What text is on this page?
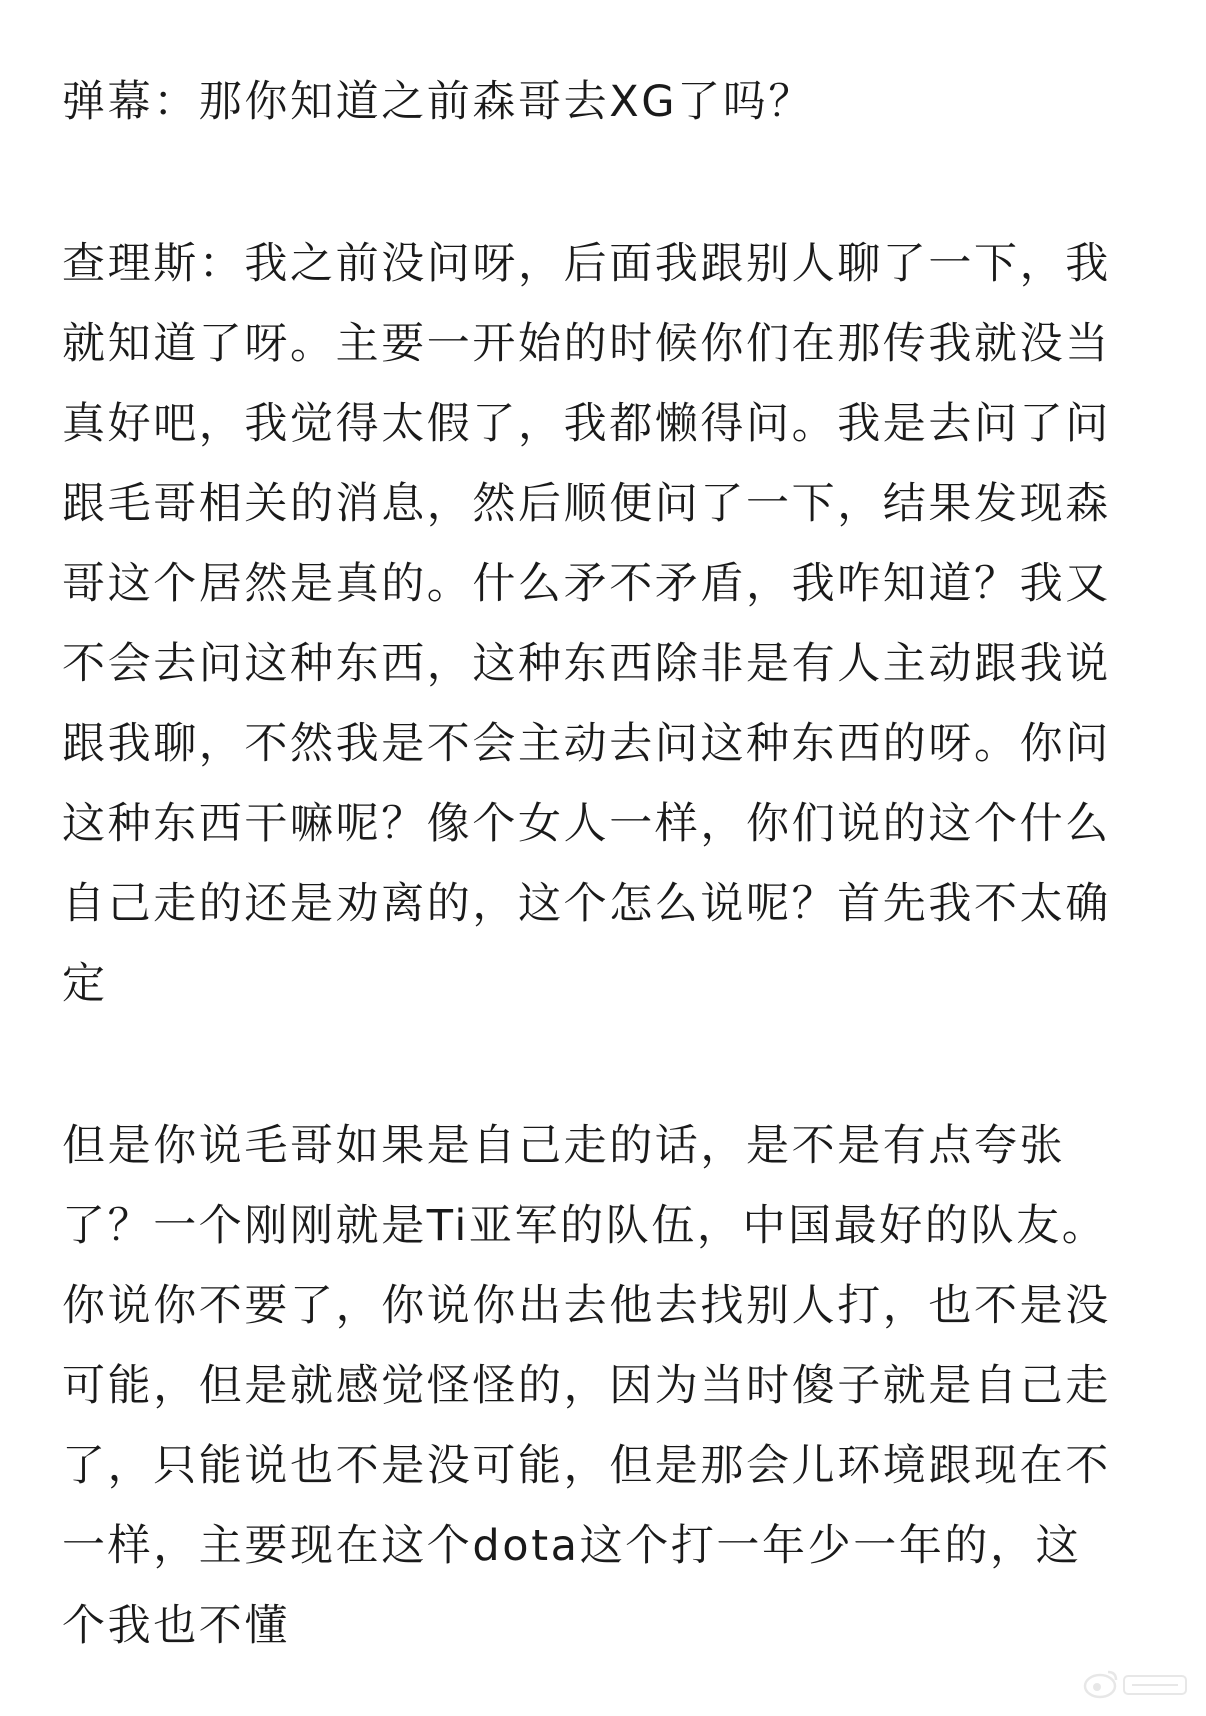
弹幕：那你知道之前森哥去XG了吗？
查理斯：我之前没问呀，后面我跟别人聊了一下，我
就知道了呀。主要一开始的时候你们在那传我就没当
真好吧，我觉得太假了，我都懒得问。我是去问了问
跟毛哥相关的消息，然后顺便问了一下，结果发现森
哥这个居然是真的。什么矛不矛盾，我咋知道？我又
不会去问这种东西，这种东西除非是有人主动跟我说
跟我聊，不然我是不会主动去问这种东西的呀。你问
这种东西干嘛呢？像个女人一样，你们说的这个什么
自己走的还是劝离的，这个怎么说呢？首先我不太确
定
但是你说毛哥如果是自己走的话，是不是有点夸张
了？一个刚刚就是Ti亚军的队伍，中国最好的队友。
你说你不要了，你说你出去他去找别人打，也不是没
可能，但是就感觉怪怪的，因为当时傻子就是自己走
了，只能说也不是没可能，但是那会儿环境跟现在不
一样，主要现在这个dota这个打一年少一年的，这
个我也不懂
